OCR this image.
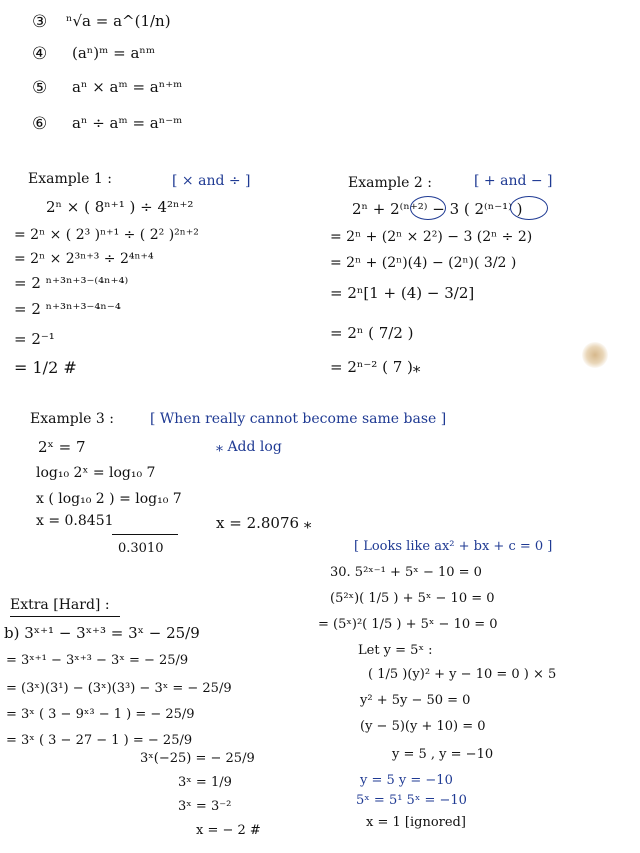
③ ⁿ√a = a^(1/n)
④ (aⁿ)ᵐ = aⁿᵐ
⑤ aⁿ × aᵐ = aⁿ⁺ᵐ
⑥ aⁿ ÷ aᵐ = aⁿ⁻ᵐ
Example 1 :	[ × and ÷ ]
2ⁿ × ( 8ⁿ⁺¹ ) ÷ 4²ⁿ⁺²
= 2ⁿ × ( 2³ )ⁿ⁺¹ ÷ ( 2² )²ⁿ⁺²
= 2ⁿ × 2³ⁿ⁺³ ÷ 2⁴ⁿ⁺⁴
= 2 ⁿ⁺³ⁿ⁺³⁻⁽⁴ⁿ⁺⁴⁾
= 2 ⁿ⁺³ⁿ⁺³⁻⁴ⁿ⁻⁴
= 2⁻¹
= 1/2 #
Example 2 :	[ + and − ]
2ⁿ + 2⁽ⁿ⁺²⁾ − 3 ( 2⁽ⁿ⁻¹⁾ )
= 2ⁿ + (2ⁿ × 2²) − 3 (2ⁿ ÷ 2)
= 2ⁿ + (2ⁿ)(4) − (2ⁿ)( 3/2 )
= 2ⁿ[1 + (4) − 3/2]
= 2ⁿ ( 7/2 )
= 2ⁿ⁻² ( 7 )⁎
Example 3 :	[ When really cannot become same base ]
⁎ Add log
2ˣ = 7
log₁₀ 2ˣ = log₁₀ 7
x ( log₁₀ 2 ) = log₁₀ 7
x = 0.8451
0.3010
x = 2.8076 ⁎
[ Looks like ax² + bx + c = 0 ]
30. 5²ˣ⁻¹ + 5ˣ − 10 = 0
(5²ˣ)( 1/5 ) + 5ˣ − 10 = 0
= (5ˣ)²( 1/5 ) + 5ˣ − 10 = 0
Let y = 5ˣ :
( 1/5 )(y)² + y − 10 = 0 ) × 5
y² + 5y − 50 = 0
(y − 5)(y + 10) = 0
y = 5 , y = −10
y = 5 y = −10
5ˣ = 5¹ 5ˣ = −10
x = 1 [ignored]
Extra [Hard] :
b) 3ˣ⁺¹ − 3ˣ⁺³ = 3ˣ − 25/9
= 3ˣ⁺¹ − 3ˣ⁺³ − 3ˣ = − 25/9
= (3ˣ)(3¹) − (3ˣ)(3³) − 3ˣ = − 25/9
= 3ˣ ( 3 − 9ˣ³ − 1 ) = − 25/9
= 3ˣ ( 3 − 27 − 1 ) = − 25/9
3ˣ(−25) = − 25/9
3ˣ = 1/9
3ˣ = 3⁻²
x = − 2 #
